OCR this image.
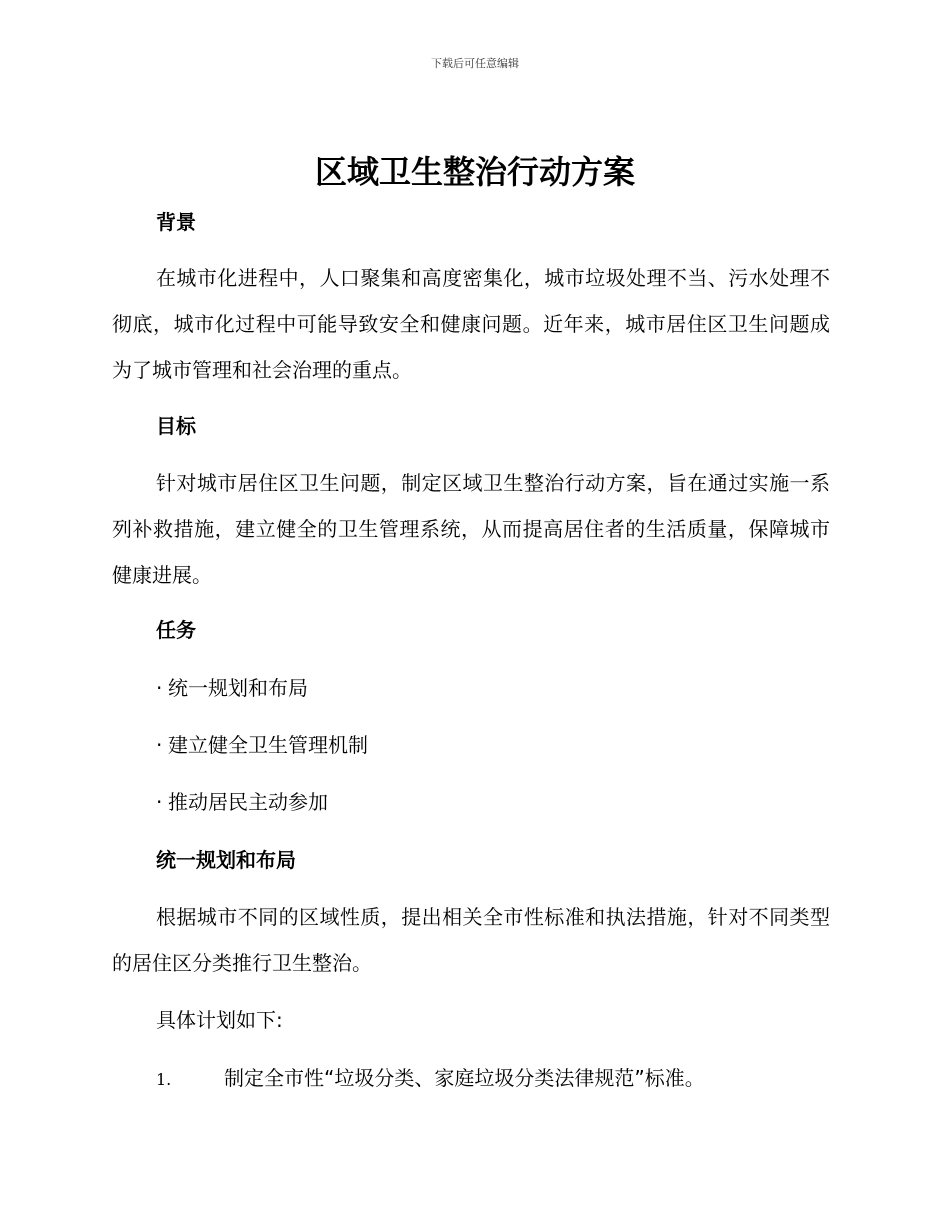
下载后可任意编辑
区域卫生整治行动方案
背景

在城市化进程中，人口聚集和高度密集化，城市垃圾处理不当、污水处理不彻底，城市化过程中可能导致安全和健康问题。近年来，城市居住区卫生问题成为了城市管理和社会治理的重点。

目标

针对城市居住区卫生问题，制定区域卫生整治行动方案，旨在通过实施一系列补救措施，建立健全的卫生管理系统，从而提高居住者的生活质量，保障城市健康进展。

任务

· 统一规划和布局

· 建立健全卫生管理机制

· 推动居民主动参加

统一规划和布局

根据城市不同的区域性质，提出相关全市性标准和执法措施，针对不同类型的居住区分类推行卫生整治。

具体计划如下:

1.	制定全市性“垃圾分类、家庭垃圾分类法律规范”标准。
